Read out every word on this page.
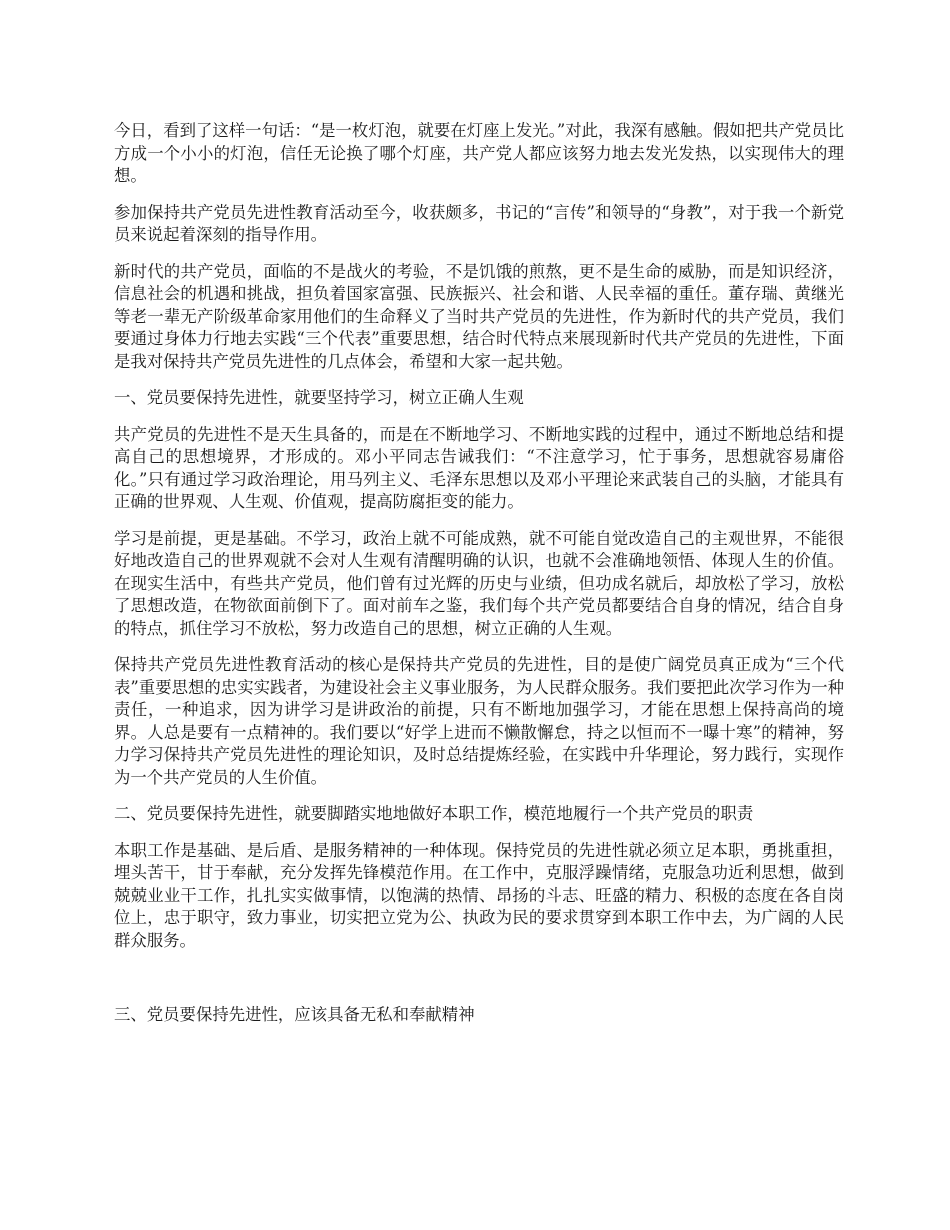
今日，看到了这样一句话：“是一枚灯泡，就要在灯座上发光。”对此，我深有感触。假如把共产党员比方成一个小小的灯泡，信任无论换了哪个灯座，共产党人都应该努力地去发光发热，以实现伟大的理想。

参加保持共产党员先进性教育活动至今，收获颇多，书记的“言传”和领导的“身教”，对于我一个新党员来说起着深刻的指导作用。

新时代的共产党员，面临的不是战火的考验，不是饥饿的煎熬，更不是生命的威胁，而是知识经济，信息社会的机遇和挑战，担负着国家富强、民族振兴、社会和谐、人民幸福的重任。董存瑞、黄继光等老一辈无产阶级革命家用他们的生命释义了当时共产党员的先进性，作为新时代的共产党员，我们要通过身体力行地去实践“三个代表”重要思想，结合时代特点来展现新时代共产党员的先进性，下面是我对保持共产党员先进性的几点体会，希望和大家一起共勉。

一、党员要保持先进性，就要坚持学习，树立正确人生观

共产党员的先进性不是天生具备的，而是在不断地学习、不断地实践的过程中，通过不断地总结和提高自己的思想境界，才形成的。邓小平同志告诫我们：“不注意学习，忙于事务，思想就容易庸俗化。”只有通过学习政治理论，用马列主义、毛泽东思想以及邓小平理论来武装自己的头脑，才能具有正确的世界观、人生观、价值观，提高防腐拒变的能力。

学习是前提，更是基础。不学习，政治上就不可能成熟，就不可能自觉改造自己的主观世界，不能很好地改造自己的世界观就不会对人生观有清醒明确的认识，也就不会准确地领悟、体现人生的价值。在现实生活中，有些共产党员，他们曾有过光辉的历史与业绩，但功成名就后，却放松了学习，放松了思想改造，在物欲面前倒下了。面对前车之鉴，我们每个共产党员都要结合自身的情况，结合自身的特点，抓住学习不放松，努力改造自己的思想，树立正确的人生观。

保持共产党员先进性教育活动的核心是保持共产党员的先进性，目的是使广阔党员真正成为“三个代表”重要思想的忠实实践者，为建设社会主义事业服务，为人民群众服务。我们要把此次学习作为一种责任，一种追求，因为讲学习是讲政治的前提，只有不断地加强学习，才能在思想上保持高尚的境界。人总是要有一点精神的。我们要以“好学上进而不懒散懈怠，持之以恒而不一曝十寒”的精神，努力学习保持共产党员先进性的理论知识，及时总结提炼经验，在实践中升华理论，努力践行，实现作为一个共产党员的人生价值。

二、党员要保持先进性，就要脚踏实地地做好本职工作，模范地履行一个共产党员的职责

本职工作是基础、是后盾、是服务精神的一种体现。保持党员的先进性就必须立足本职，勇挑重担，埋头苦干，甘于奉献，充分发挥先锋模范作用。在工作中，克服浮躁情绪，克服急功近利思想，做到兢兢业业干工作，扎扎实实做事情，以饱满的热情、昂扬的斗志、旺盛的精力、积极的态度在各自岗位上，忠于职守，致力事业，切实把立党为公、执政为民的要求贯穿到本职工作中去，为广阔的人民群众服务。

三、党员要保持先进性，应该具备无私和奉献精神
